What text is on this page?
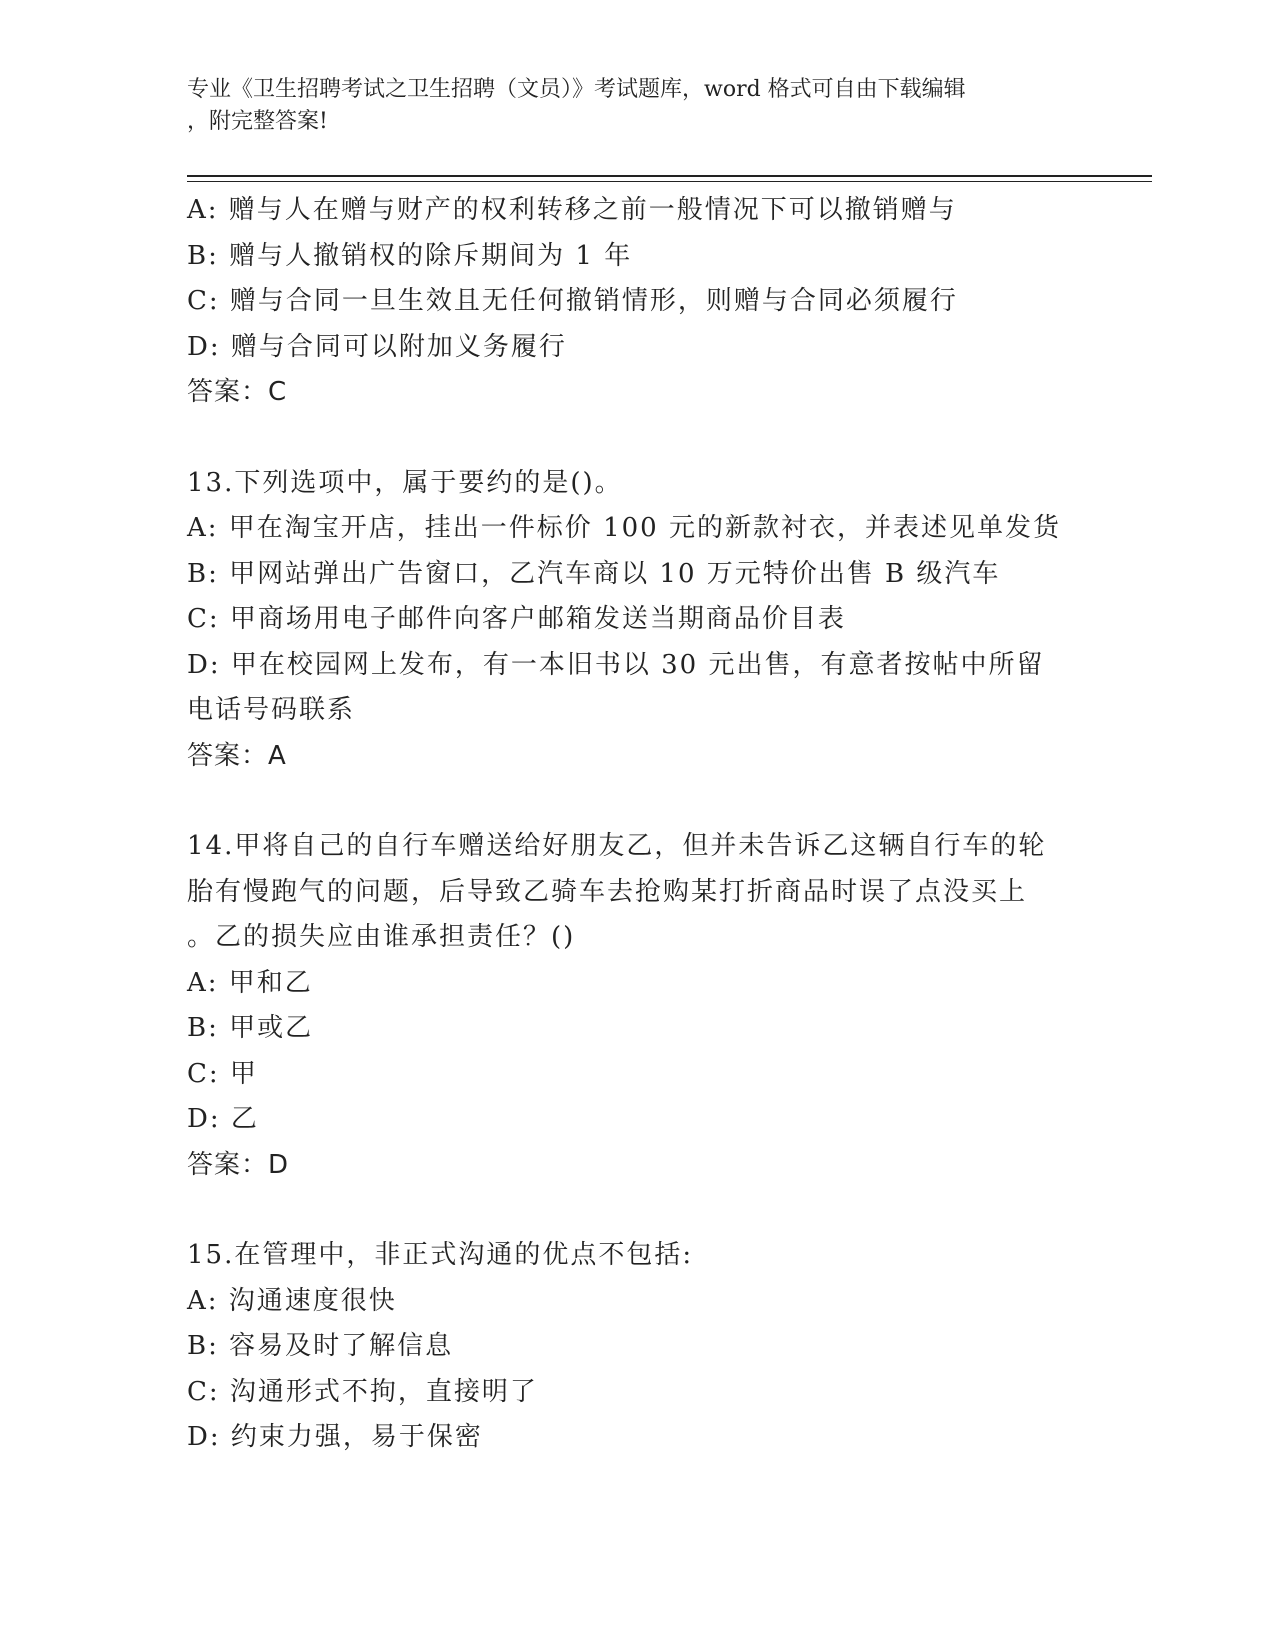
专业《卫生招聘考试之卫生招聘（文员）》考试题库，word 格式可自由下载编辑
，附完整答案!
A: 赠与人在赠与财产的权利转移之前一般情况下可以撤销赠与
B: 赠与人撤销权的除斥期间为 1 年
C: 赠与合同一旦生效且无任何撤销情形，则赠与合同必须履行
D: 赠与合同可以附加义务履行
答案：C
13.下列选项中，属于要约的是()。
A: 甲在淘宝开店，挂出一件标价 100 元的新款衬衣，并表述见单发货
B: 甲网站弹出广告窗口，乙汽车商以 10 万元特价出售 B 级汽车
C: 甲商场用电子邮件向客户邮箱发送当期商品价目表
D: 甲在校园网上发布，有一本旧书以 30 元出售，有意者按帖中所留
电话号码联系
答案：A
14.甲将自己的自行车赠送给好朋友乙，但并未告诉乙这辆自行车的轮
胎有慢跑气的问题，后导致乙骑车去抢购某打折商品时误了点没买上
。乙的损失应由谁承担责任？()
A: 甲和乙
B: 甲或乙
C: 甲
D: 乙
答案：D
15.在管理中，非正式沟通的优点不包括:
A: 沟通速度很快
B: 容易及时了解信息
C: 沟通形式不拘，直接明了
D: 约束力强，易于保密
